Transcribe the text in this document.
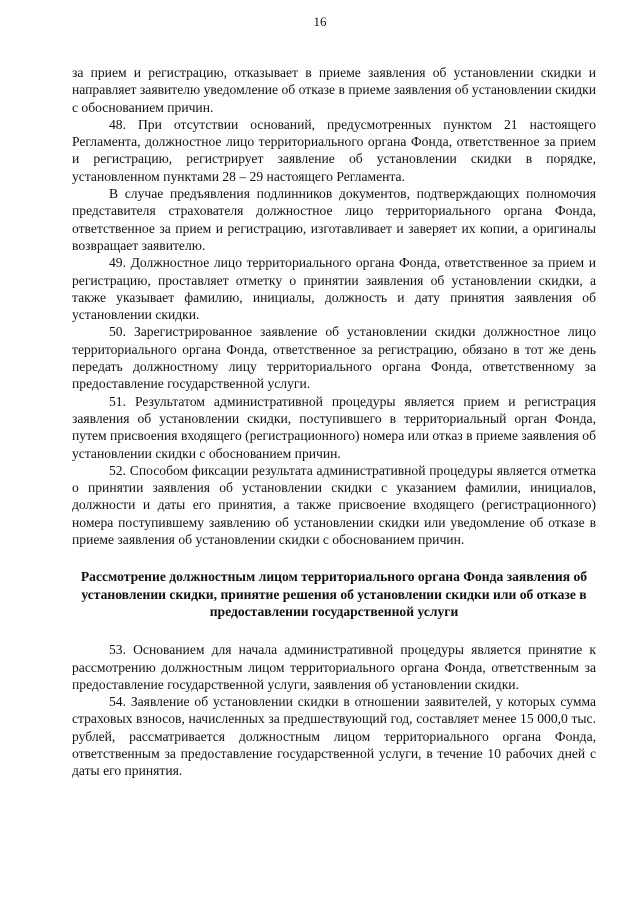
16

за прием и регистрацию, отказывает в приеме заявления об установлении скидки и направляет заявителю уведомление об отказе в приеме заявления об установлении скидки с обоснованием причин.

48. При отсутствии оснований, предусмотренных пунктом 21 настоящего Регламента, должностное лицо территориального органа Фонда, ответственное за прием и регистрацию, регистрирует заявление об установлении скидки в порядке, установленном пунктами 28 – 29 настоящего Регламента.

В случае предъявления подлинников документов, подтверждающих полномочия представителя страхователя должностное лицо территориального органа Фонда, ответственное за прием и регистрацию, изготавливает и заверяет их копии, а оригиналы возвращает заявителю.

49. Должностное лицо территориального органа Фонда, ответственное за прием и регистрацию, проставляет отметку о принятии заявления об установлении скидки, а также указывает фамилию, инициалы, должность и дату принятия заявления об установлении скидки.

50. Зарегистрированное заявление об установлении скидки должностное лицо территориального органа Фонда, ответственное за регистрацию, обязано в тот же день передать должностному лицу территориального органа Фонда, ответственному за предоставление государственной услуги.

51. Результатом административной процедуры является прием и регистрация заявления об установлении скидки, поступившего в территориальный орган Фонда, путем присвоения входящего (регистрационного) номера или отказ в приеме заявления об установлении скидки с обоснованием причин.

52. Способом фиксации результата административной процедуры является отметка о принятии заявления об установлении скидки с указанием фамилии, инициалов, должности и даты его принятия, а также присвоение входящего (регистрационного) номера поступившему заявлению об установлении скидки или уведомление об отказе в приеме заявления об установлении скидки с обоснованием причин.

Рассмотрение должностным лицом территориального органа Фонда заявления об установлении скидки, принятие решения об установлении скидки или об отказе в предоставлении государственной услуги

53. Основанием для начала административной процедуры является принятие к рассмотрению должностным лицом территориального органа Фонда, ответственным за предоставление государственной услуги, заявления об установлении скидки.

54. Заявление об установлении скидки в отношении заявителей, у которых сумма страховых взносов, начисленных за предшествующий год, составляет менее 15 000,0 тыс. рублей, рассматривается должностным лицом территориального органа Фонда, ответственным за предоставление государственной услуги, в течение 10 рабочих дней с даты его принятия.
